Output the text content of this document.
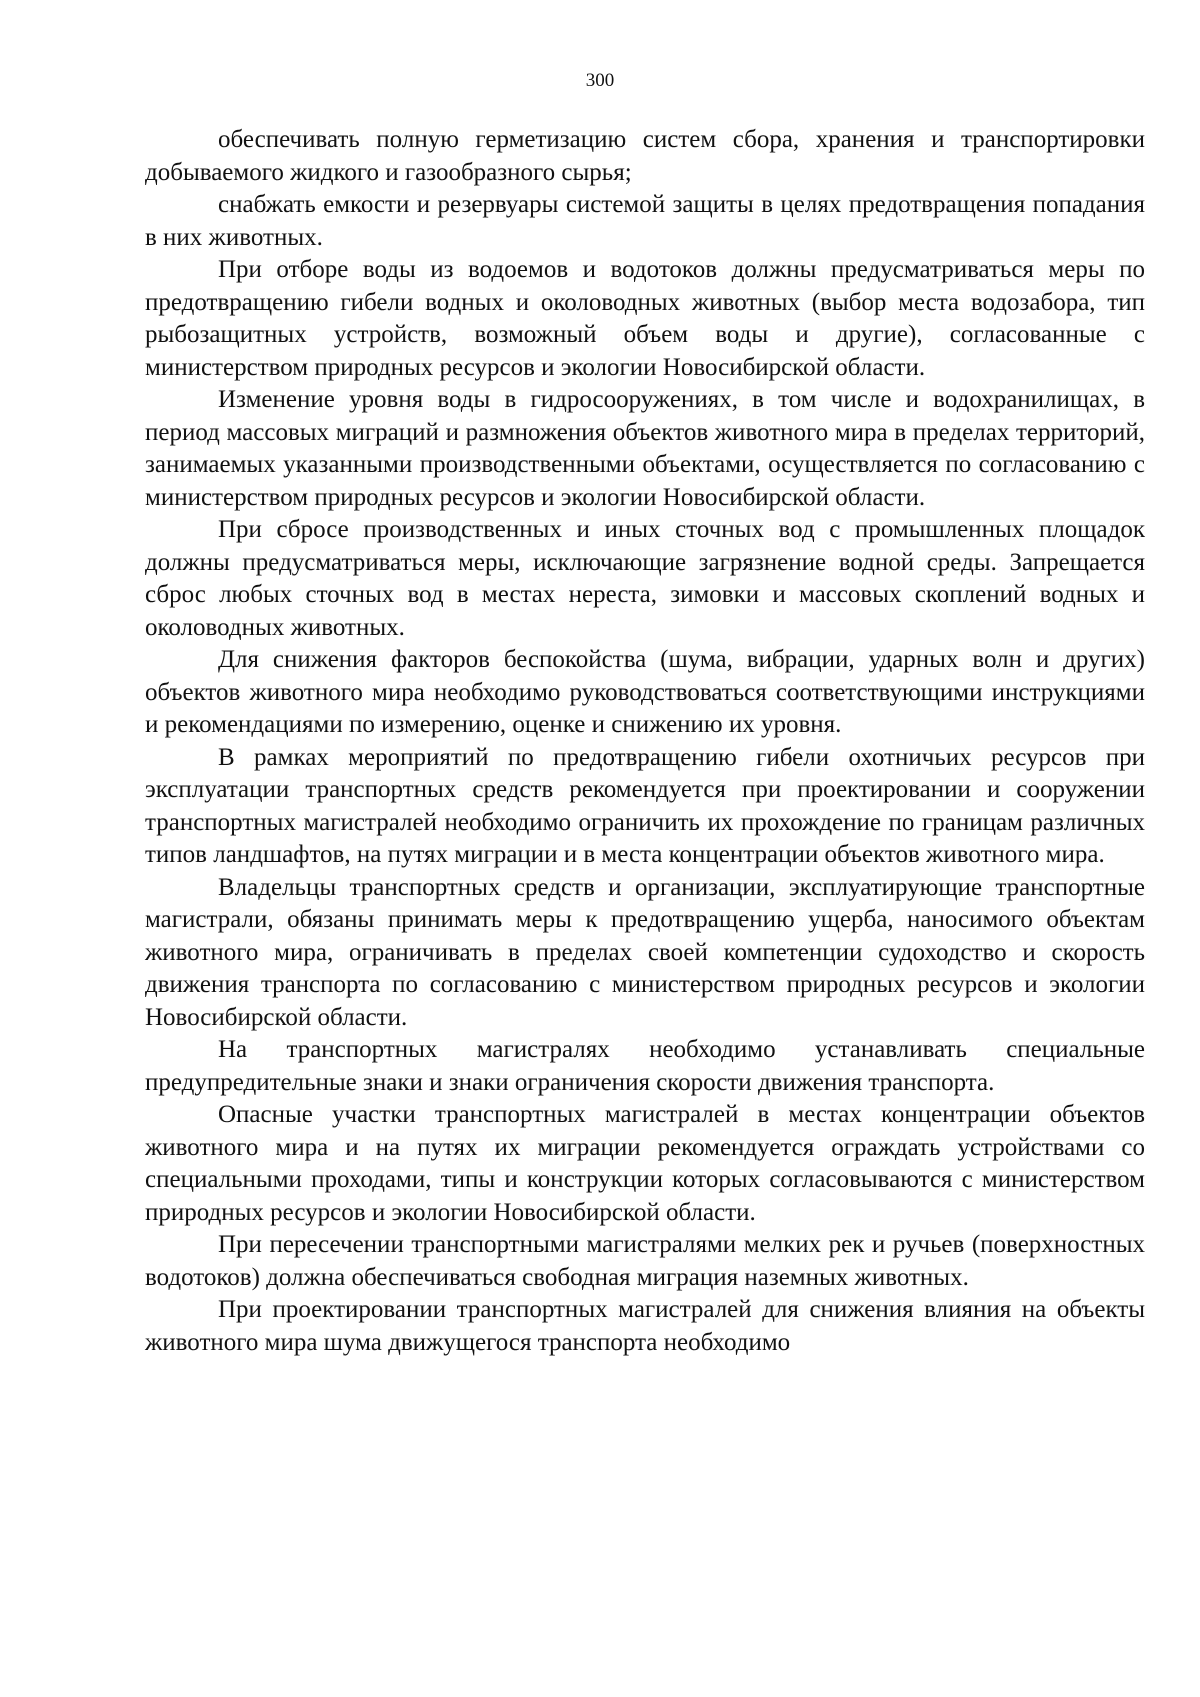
300

обеспечивать полную герметизацию систем сбора, хранения и транспортировки добываемого жидкого и газообразного сырья;

снабжать емкости и резервуары системой защиты в целях предотвращения попадания в них животных.

При отборе воды из водоемов и водотоков должны предусматриваться меры по предотвращению гибели водных и околоводных животных (выбор места водозабора, тип рыбозащитных устройств, возможный объем воды и другие), согласованные с министерством природных ресурсов и экологии Новосибирской области.

Изменение уровня воды в гидросооружениях, в том числе и водохранилищах, в период массовых миграций и размножения объектов животного мира в пределах территорий, занимаемых указанными производственными объектами, осуществляется по согласованию с министерством природных ресурсов и экологии Новосибирской области.

При сбросе производственных и иных сточных вод с промышленных площадок должны предусматриваться меры, исключающие загрязнение водной среды. Запрещается сброс любых сточных вод в местах нереста, зимовки и массовых скоплений водных и околоводных животных.

Для снижения факторов беспокойства (шума, вибрации, ударных волн и других) объектов животного мира необходимо руководствоваться соответствующими инструкциями и рекомендациями по измерению, оценке и снижению их уровня.

В рамках мероприятий по предотвращению гибели охотничьих ресурсов при эксплуатации транспортных средств рекомендуется при проектировании и сооружении транспортных магистралей необходимо ограничить их прохождение по границам различных типов ландшафтов, на путях миграции и в места концентрации объектов животного мира.

Владельцы транспортных средств и организации, эксплуатирующие транспортные магистрали, обязаны принимать меры к предотвращению ущерба, наносимого объектам животного мира, ограничивать в пределах своей компетенции судоходство и скорость движения транспорта по согласованию с министерством природных ресурсов и экологии Новосибирской области.

На транспортных магистралях необходимо устанавливать специальные предупредительные знаки и знаки ограничения скорости движения транспорта.

Опасные участки транспортных магистралей в местах концентрации объектов животного мира и на путях их миграции рекомендуется ограждать устройствами со специальными проходами, типы и конструкции которых согласовываются с министерством природных ресурсов и экологии Новосибирской области.

При пересечении транспортными магистралями мелких рек и ручьев (поверхностных водотоков) должна обеспечиваться свободная миграция наземных животных.

При проектировании транспортных магистралей для снижения влияния на объекты животного мира шума движущегося транспорта необходимо
